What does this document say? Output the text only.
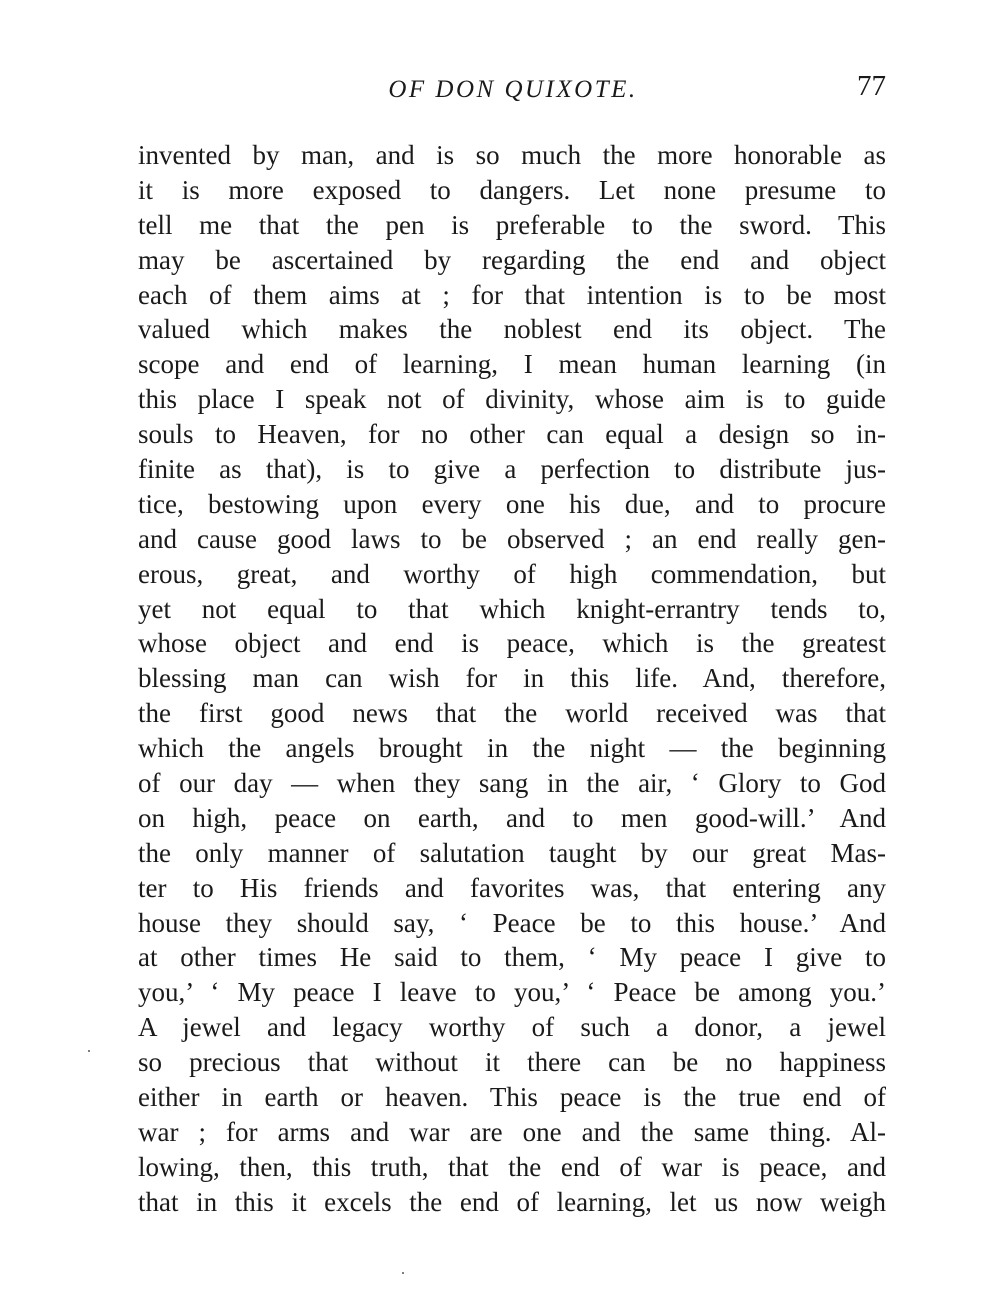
OF DON QUIXOTE.	77
invented by man, and is so much the more honorable as
it is more exposed to dangers. Let none presume to
tell me that the pen is preferable to the sword. This
may be ascertained by regarding the end and object
each of them aims at ; for that intention is to be most
valued which makes the noblest end its object. The
scope and end of learning, I mean human learning (in
this place I speak not of divinity, whose aim is to guide
souls to Heaven, for no other can equal a design so in-
finite as that), is to give a perfection to distribute jus-
tice, bestowing upon every one his due, and to procure
and cause good laws to be observed ; an end really gen-
erous, great, and worthy of high commendation, but
yet not equal to that which knight-errantry tends to,
whose object and end is peace, which is the greatest
blessing man can wish for in this life. And, therefore,
the first good news that the world received was that
which the angels brought in the night — the beginning
of our day — when they sang in the air, ‘ Glory to God
on high, peace on earth, and to men good-will.’ And
the only manner of salutation taught by our great Mas-
ter to His friends and favorites was, that entering any
house they should say, ‘ Peace be to this house.’ And
at other times He said to them, ‘ My peace I give to
you,’ ‘ My peace I leave to you,’ ‘ Peace be among you.’
A jewel and legacy worthy of such a donor, a jewel
so precious that without it there can be no happiness
either in earth or heaven. This peace is the true end of
war ; for arms and war are one and the same thing. Al-
lowing, then, this truth, that the end of war is peace, and
that in this it excels the end of learning, let us now weigh
